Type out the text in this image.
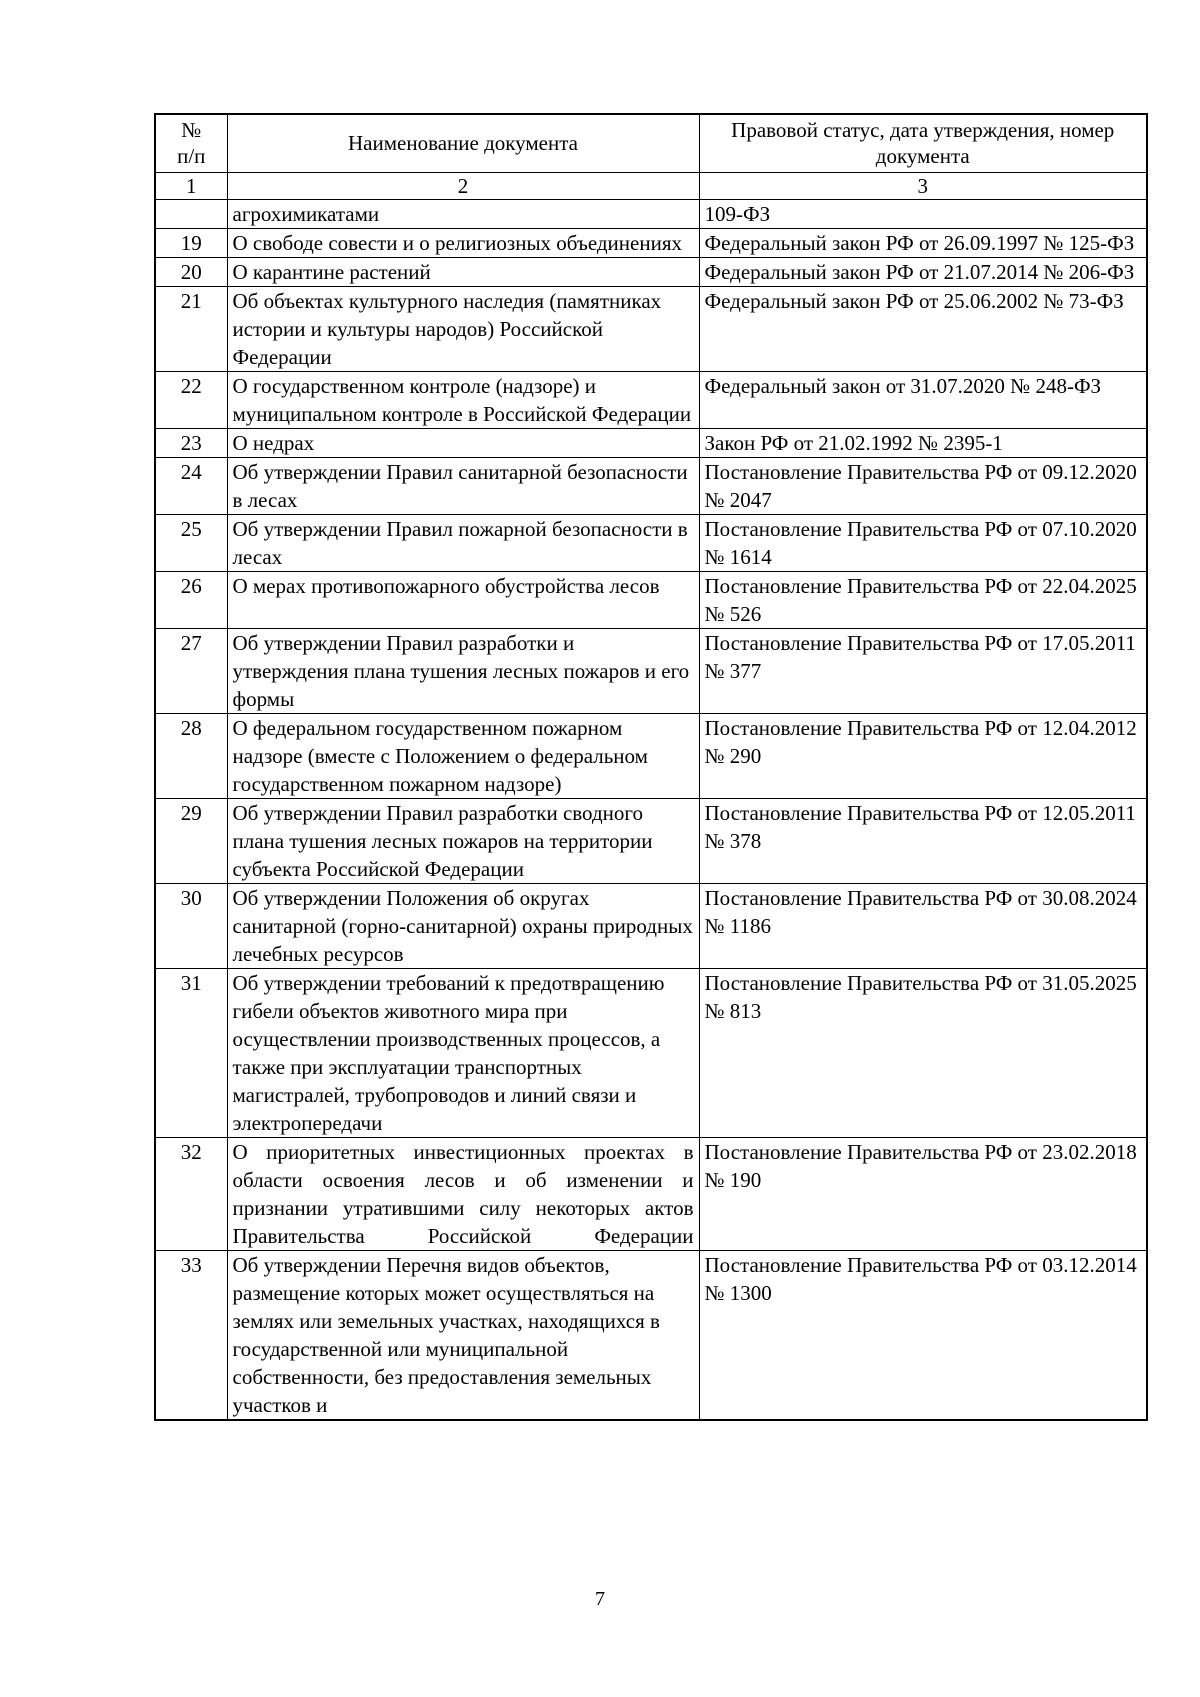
№
п/п	Наименование документа	Правовой статус, дата утверждения, номер документа
1	2	3
	агрохимикатами	109-ФЗ
19	О свободе совести и о религиозных объединениях	Федеральный закон РФ от 26.09.1997 № 125-ФЗ
20	О карантине растений	Федеральный закон РФ от 21.07.2014 № 206-ФЗ
21	Об объектах культурного наследия (памятниках истории и культуры народов) Российской Федерации	Федеральный закон РФ от 25.06.2002 № 73-ФЗ
22	О государственном контроле (надзоре) и муниципальном контроле в Российской Федерации	Федеральный закон от 31.07.2020 № 248-ФЗ
23	О недрах	Закон РФ от 21.02.1992 № 2395-1
24	Об утверждении Правил санитарной безопасности в лесах	Постановление Правительства РФ от 09.12.2020 № 2047
25	Об утверждении Правил пожарной безопасности в лесах	Постановление Правительства РФ от 07.10.2020 № 1614
26	О мерах противопожарного обустройства лесов	Постановление Правительства РФ от 22.04.2025 № 526
27	Об утверждении Правил разработки и утверждения плана тушения лесных пожаров и его формы	Постановление Правительства РФ от 17.05.2011 № 377
28	О федеральном государственном пожарном надзоре (вместе с Положением о федеральном государственном пожарном надзоре)	Постановление Правительства РФ от 12.04.2012 № 290
29	Об утверждении Правил разработки сводного плана тушения лесных пожаров на территории субъекта Российской Федерации	Постановление Правительства РФ от 12.05.2011 № 378
30	Об утверждении Положения об округах санитарной (горно-санитарной) охраны природных лечебных ресурсов	Постановление Правительства РФ от 30.08.2024 № 1186
31	Об утверждении требований к предотвращению гибели объектов животного мира при осуществлении производственных процессов, а также при эксплуатации транспортных магистралей, трубопроводов и линий связи и электропередачи	Постановление Правительства РФ от 31.05.2025 № 813
32	О приоритетных инвестиционных проектах в области освоения лесов и об изменении и признании утратившими силу некоторых актов Правительства Российской Федерации	Постановление Правительства РФ от 23.02.2018 № 190
33	Об утверждении Перечня видов объектов, размещение которых может осуществляться на землях или земельных участках, находящихся в государственной или муниципальной собственности, без предоставления земельных участков и	Постановление Правительства РФ от 03.12.2014 № 1300
7
